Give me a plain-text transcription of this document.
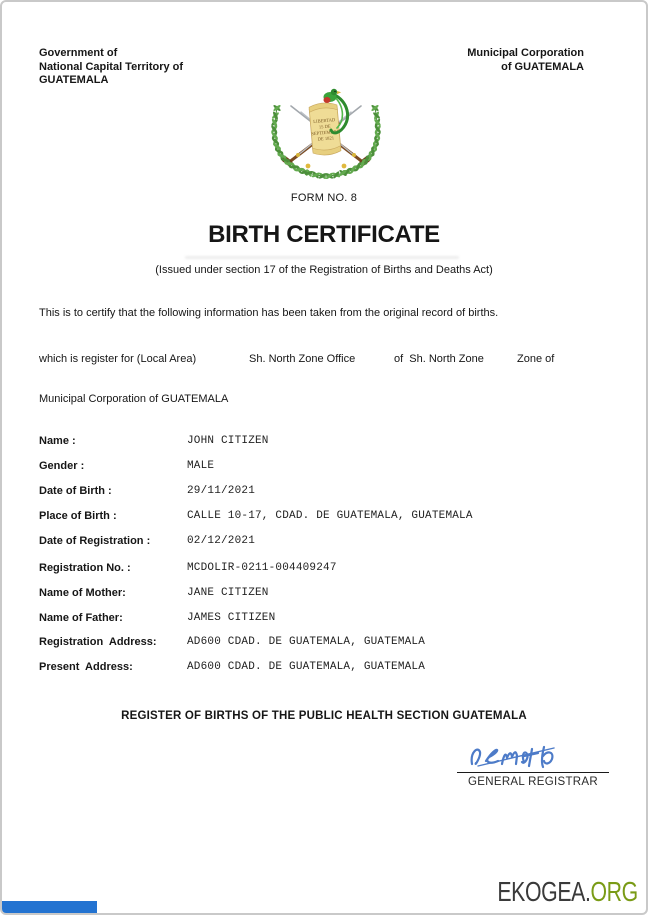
Government of
National Capital Territory of
GUATEMALA
Municipal Corporation
of GUATEMALA
LIBERTAD
15 DE
SEPTIEMBRE
DE 1821
FORM NO. 8
BIRTH CERTIFICATE
(Issued under section 17 of the Registration of Births and Deaths Act)
This is to certify that the following information has been taken from the original record of births.
which is register for (Local Area)	Sh. North Zone Office	of  Sh. North Zone	Zone of
Municipal Corporation of GUATEMALA
Name :	JOHN CITIZEN
Gender :	MALE
Date of Birth :	29/11/2021
Place of Birth :	CALLE 10-17, CDAD. DE GUATEMALA, GUATEMALA
Date of Registration :	02/12/2021
Registration No. :	MCDOLIR-0211-004409247
Name of Mother:	JANE CITIZEN
Name of Father:	JAMES CITIZEN
Registration  Address:	AD600 CDAD. DE GUATEMALA, GUATEMALA
Present  Address:	AD600 CDAD. DE GUATEMALA, GUATEMALA
REGISTER OF BIRTHS OF THE PUBLIC HEALTH SECTION GUATEMALA
GENERAL REGISTRAR
EKOGEA.ORG
